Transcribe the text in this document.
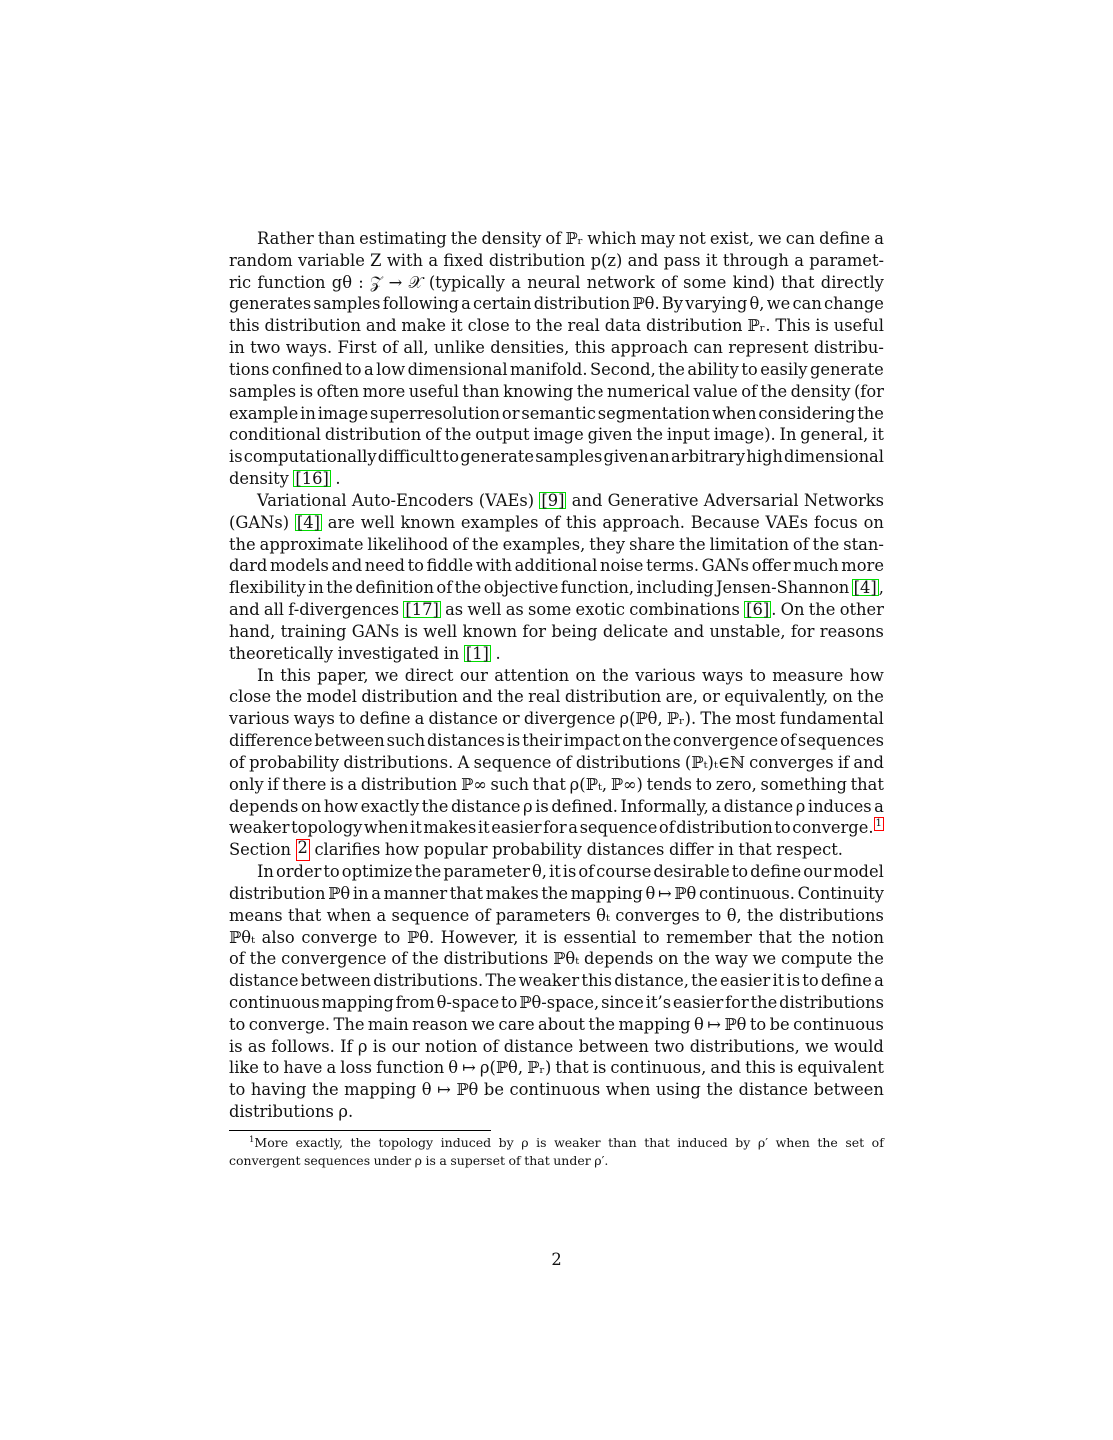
Rather than estimating the density of ℙᵣ which may not exist, we can define a
random variable Z with a fixed distribution p(z) and pass it through a paramet-
ric function gθ : 𝒵 → 𝒳 (typically a neural network of some kind) that directly
generates samples following a certain distribution ℙθ. By varying θ, we can change
this distribution and make it close to the real data distribution ℙᵣ. This is useful
in two ways. First of all, unlike densities, this approach can represent distribu-
tions confined to a low dimensional manifold. Second, the ability to easily generate
samples is often more useful than knowing the numerical value of the density (for
example in image superresolution or semantic segmentation when considering the
conditional distribution of the output image given the input image). In general, it
is computationally difficult to generate samples given an arbitrary high dimensional
density [16] .
Variational Auto-Encoders (VAEs) [9] and Generative Adversarial Networks
(GANs) [4] are well known examples of this approach. Because VAEs focus on
the approximate likelihood of the examples, they share the limitation of the stan-
dard models and need to fiddle with additional noise terms. GANs offer much more
flexibility in the definition of the objective function, including Jensen-Shannon [4] ,
and all f-divergences [17] as well as some exotic combinations [6] . On the other
hand, training GANs is well known for being delicate and unstable, for reasons
theoretically investigated in [1] .
In this paper, we direct our attention on the various ways to measure how
close the model distribution and the real distribution are, or equivalently, on the
various ways to define a distance or divergence ρ(ℙθ, ℙᵣ). The most fundamental
difference between such distances is their impact on the convergence of sequences
of probability distributions. A sequence of distributions (ℙₜ)ₜ∈ℕ converges if and
only if there is a distribution ℙ∞ such that ρ(ℙₜ, ℙ∞) tends to zero, something that
depends on how exactly the distance ρ is defined. Informally, a distance ρ induces a
weaker topology when it makes it easier for a sequence of distribution to converge. 1
Section 2 clarifies how popular probability distances differ in that respect.
In order to optimize the parameter θ, it is of course desirable to define our model
distribution ℙθ in a manner that makes the mapping θ ↦ ℙθ continuous. Continuity
means that when a sequence of parameters θₜ converges to θ, the distributions
ℙθₜ also converge to ℙθ. However, it is essential to remember that the notion
of the convergence of the distributions ℙθₜ depends on the way we compute the
distance between distributions. The weaker this distance, the easier it is to define a
continuous mapping from θ-space to ℙθ-space, since it’s easier for the distributions
to converge. The main reason we care about the mapping θ ↦ ℙθ to be continuous
is as follows. If ρ is our notion of distance between two distributions, we would
like to have a loss function θ ↦ ρ(ℙθ, ℙᵣ) that is continuous, and this is equivalent
to having the mapping θ ↦ ℙθ be continuous when using the distance between
distributions ρ.
$^1$More exactly, the topology induced by ρ is weaker than that induced by ρ′ when the set of
convergent sequences under ρ is a superset of that under ρ′.
2
